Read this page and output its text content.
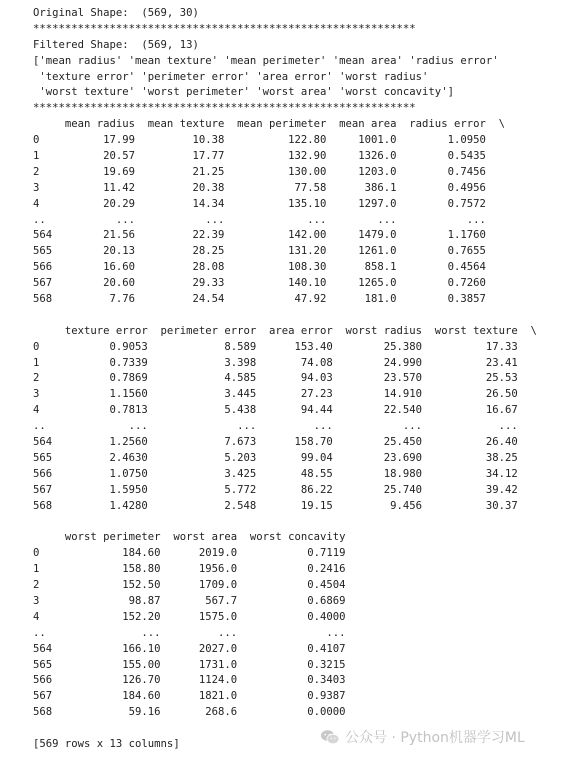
Original Shape:  (569, 30)
************************************************************
Filtered Shape:  (569, 13)
['mean radius' 'mean texture' 'mean perimeter' 'mean area' 'radius error'
'texture error' 'perimeter error' 'area error' 'worst radius'
'worst texture' 'worst perimeter' 'worst area' 'worst concavity']
************************************************************
mean radius  mean texture  mean perimeter  mean area  radius error  \
0          17.99         10.38          122.80     1001.0        1.0950
1          20.57         17.77          132.90     1326.0        0.5435
2          19.69         21.25          130.00     1203.0        0.7456
3          11.42         20.38           77.58      386.1        0.4956
4          20.29         14.34          135.10     1297.0        0.7572
..           ...           ...             ...        ...           ...
564        21.56         22.39          142.00     1479.0        1.1760
565        20.13         28.25          131.20     1261.0        0.7655
566        16.60         28.08          108.30      858.1        0.4564
567        20.60         29.33          140.10     1265.0        0.7260
568         7.76         24.54           47.92      181.0        0.3857
texture error  perimeter error  area error  worst radius  worst texture  \
0           0.9053            8.589      153.40        25.380          17.33
1           0.7339            3.398       74.08        24.990          23.41
2           0.7869            4.585       94.03        23.570          25.53
3           1.1560            3.445       27.23        14.910          26.50
4           0.7813            5.438       94.44        22.540          16.67
..             ...              ...         ...           ...            ...
564         1.2560            7.673      158.70        25.450          26.40
565         2.4630            5.203       99.04        23.690          38.25
566         1.0750            3.425       48.55        18.980          34.12
567         1.5950            5.772       86.22        25.740          39.42
568         1.4280            2.548       19.15         9.456          30.37
worst perimeter  worst area  worst concavity
0             184.60      2019.0           0.7119
1             158.80      1956.0           0.2416
2             152.50      1709.0           0.4504
3              98.87       567.7           0.6869
4             152.20      1575.0           0.4000
..               ...         ...              ...
564           166.10      2027.0           0.4107
565           155.00      1731.0           0.3215
566           126.70      1124.0           0.3403
567           184.60      1821.0           0.9387
568            59.16       268.6           0.0000
[569 rows x 13 columns]	公众号 · Python机器学习ML
